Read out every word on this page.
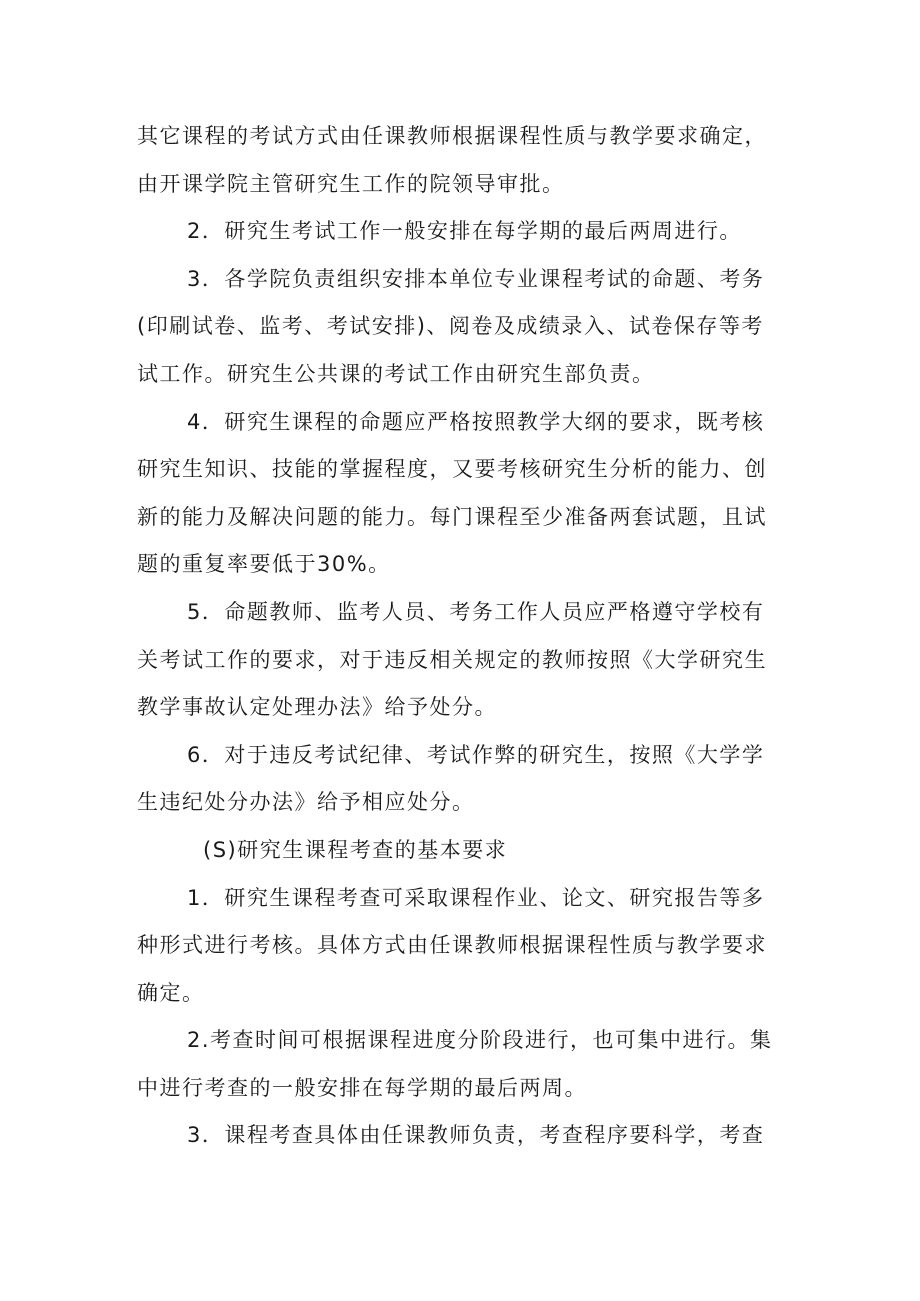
其它课程的考试方式由任课教师根据课程性质与教学要求确定，
由开课学院主管研究生工作的院领导审批。
2．研究生考试工作一般安排在每学期的最后两周进行。
3．各学院负责组织安排本单位专业课程考试的命题、考务
(印刷试卷、监考、考试安排)、阅卷及成绩录入、试卷保存等考
试工作。研究生公共课的考试工作由研究生部负责。
4．研究生课程的命题应严格按照教学大纲的要求，既考核
研究生知识、技能的掌握程度，又要考核研究生分析的能力、创
新的能力及解决问题的能力。每门课程至少准备两套试题，且试
题的重复率要低于30%。
5．命题教师、监考人员、考务工作人员应严格遵守学校有
关考试工作的要求，对于违反相关规定的教师按照《大学研究生
教学事故认定处理办法》给予处分。
6．对于违反考试纪律、考试作弊的研究生，按照《大学学
生违纪处分办法》给予相应处分。
(S)研究生课程考查的基本要求
1．研究生课程考查可采取课程作业、论文、研究报告等多
种形式进行考核。具体方式由任课教师根据课程性质与教学要求
确定。
2.考查时间可根据课程进度分阶段进行，也可集中进行。集
中进行考查的一般安排在每学期的最后两周。
3．课程考查具体由任课教师负责，考查程序要科学，考查
